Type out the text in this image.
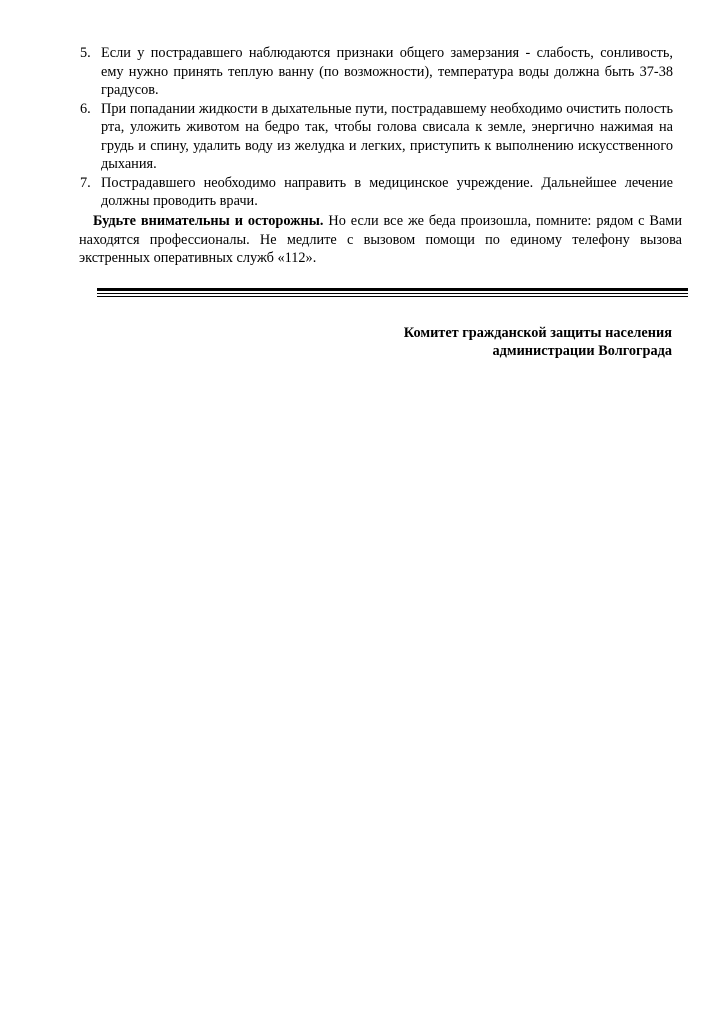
5. Если у пострадавшего наблюдаются признаки общего замерзания - слабость, сонливость, ему нужно принять теплую ванну (по возможности), температура воды должна быть 37-38 градусов.
6. При попадании жидкости в дыхательные пути, пострадавшему необходимо очистить полость рта, уложить животом на бедро так, чтобы голова свисала к земле, энергично нажимая на грудь и спину, удалить воду из желудка и легких, приступить к выполнению искусственного дыхания.
7. Пострадавшего необходимо направить в медицинское учреждение. Дальнейшее лечение должны проводить врачи.

Будьте внимательны и осторожны. Но если все же беда произошла, помните: рядом с Вами находятся профессионалы. Не медлите с вызовом помощи по единому телефону вызова экстренных оперативных служб «112».

Комитет гражданской защиты населения
администрации Волгограда
